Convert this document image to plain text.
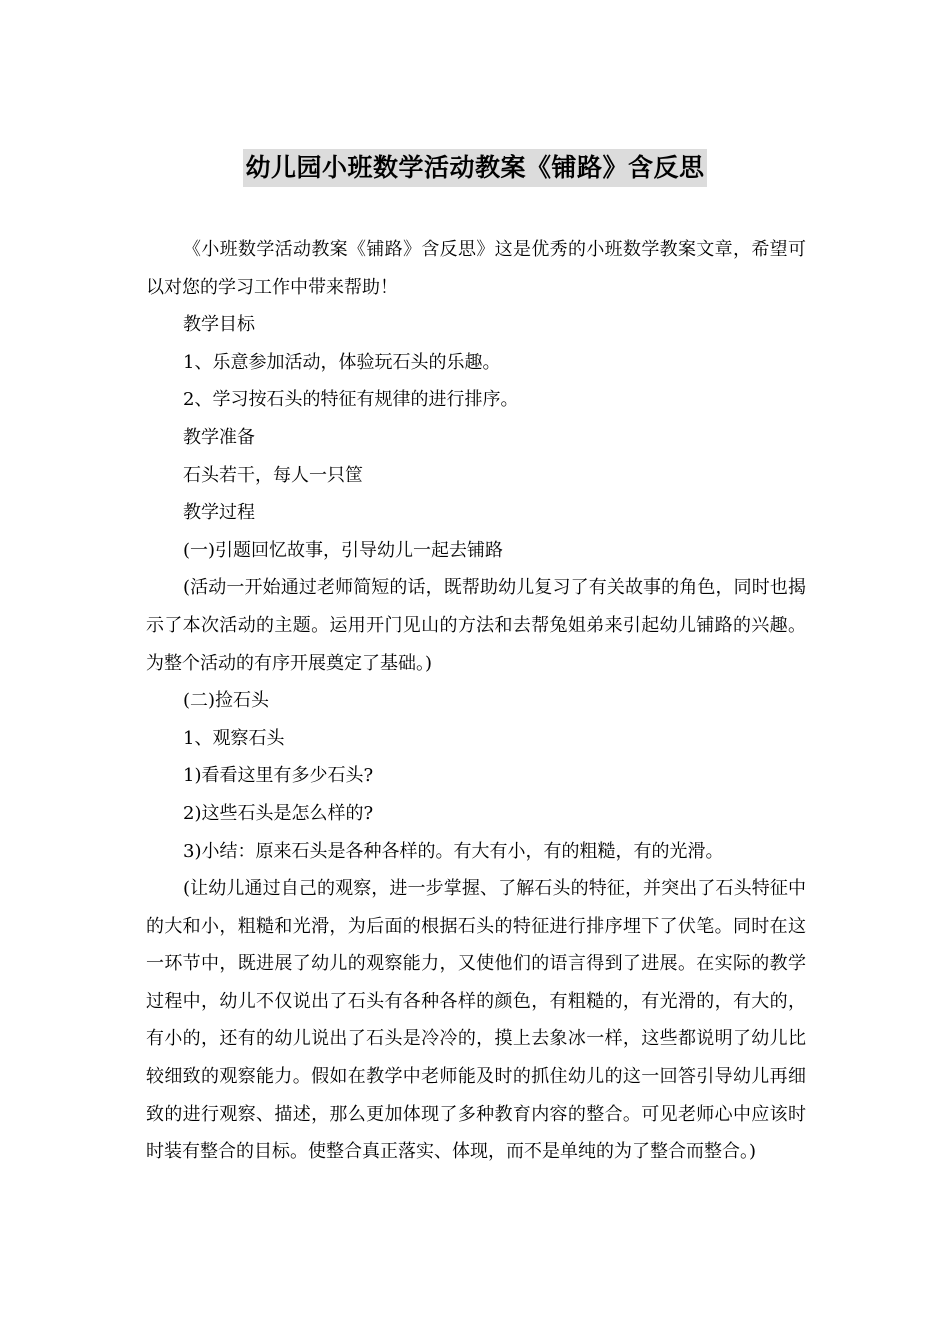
幼儿园小班数学活动教案《铺路》含反思

《小班数学活动教案《铺路》含反思》这是优秀的小班数学教案文章，希望可以对您的学习工作中带来帮助！

教学目标

1、乐意参加活动，体验玩石头的乐趣。

2、学习按石头的特征有规律的进行排序。

教学准备

石头若干，每人一只筐

教学过程

(一)引题回忆故事，引导幼儿一起去铺路

(活动一开始通过老师简短的话，既帮助幼儿复习了有关故事的角色，同时也揭示了本次活动的主题。运用开门见山的方法和去帮兔姐弟来引起幼儿铺路的兴趣。为整个活动的有序开展奠定了基础。)

(二)捡石头

1、观察石头

1)看看这里有多少石头?

2)这些石头是怎么样的?

3)小结：原来石头是各种各样的。有大有小，有的粗糙，有的光滑。

(让幼儿通过自己的观察，进一步掌握、了解石头的特征，并突出了石头特征中的大和小，粗糙和光滑，为后面的根据石头的特征进行排序埋下了伏笔。同时在这一环节中，既进展了幼儿的观察能力，又使他们的语言得到了进展。在实际的教学过程中，幼儿不仅说出了石头有各种各样的颜色，有粗糙的，有光滑的，有大的，有小的，还有的幼儿说出了石头是冷冷的，摸上去象冰一样，这些都说明了幼儿比较细致的观察能力。假如在教学中老师能及时的抓住幼儿的这一回答引导幼儿再细致的进行观察、描述，那么更加体现了多种教育内容的整合。可见老师心中应该时时装有整合的目标。使整合真正落实、体现，而不是单纯的为了整合而整合。)
